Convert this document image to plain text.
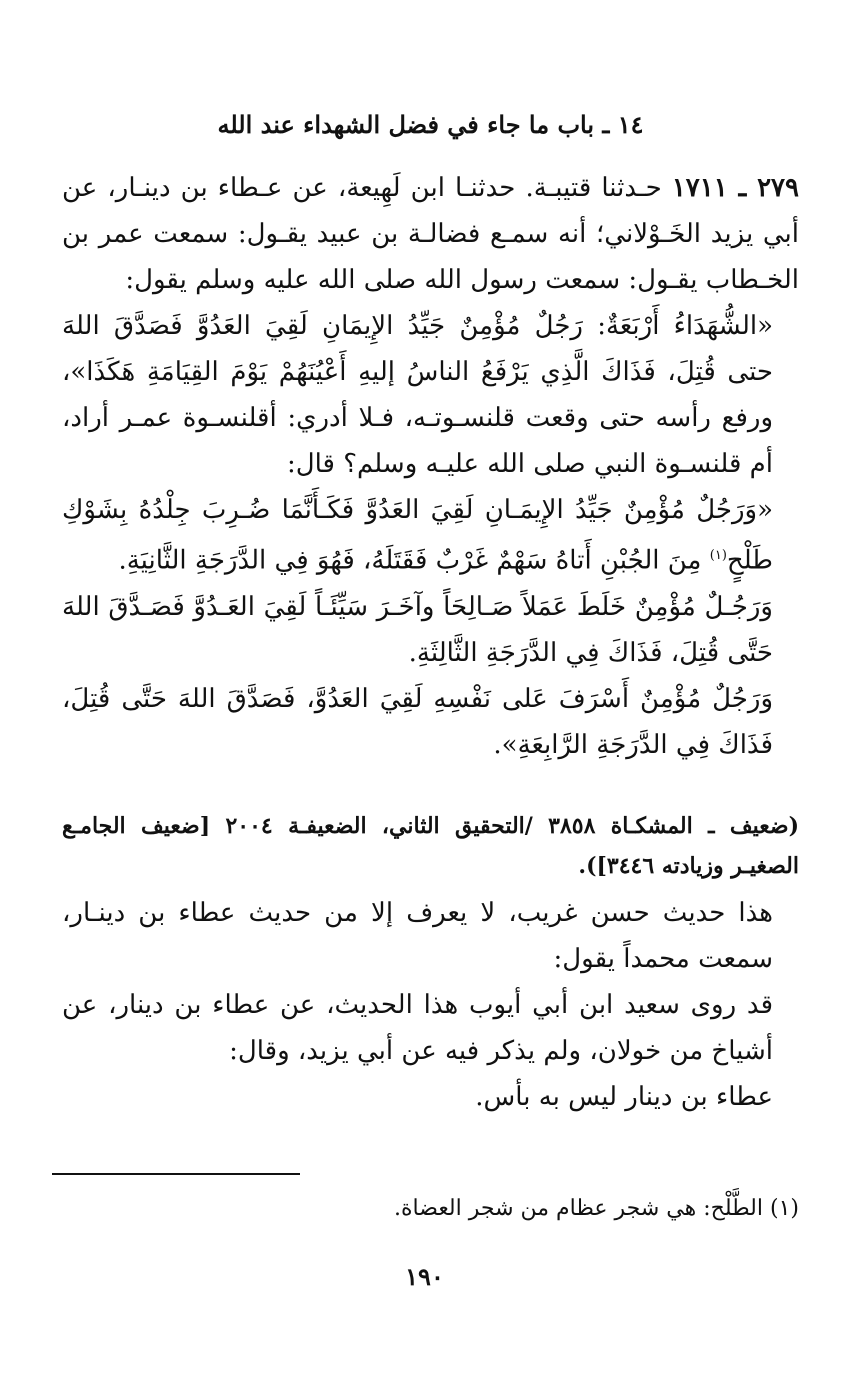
١٤ ـ باب ما جاء في فضل الشهداء عند الله

٢٧٩ ـ ١٧١١ حـدثنا قتيبـة. حدثنـا ابن لَهِيعة، عن عـطاء بن دينـار، عن أبي يزيد الخَـوْلاني؛ أنه سمـع فضالـة بن عبيد يقـول: سمعت عمر بن الخـطاب يقـول: سمعت رسول الله صلى الله عليه وسلم يقول:

«الشُّهَدَاءُ أَرْبَعَةٌ: رَجُلٌ مُؤْمِنٌ جَيِّدُ الإِيمَانِ لَقِيَ العَدُوَّ فَصَدَّقَ اللهَ حتى قُتِلَ، فَذَاكَ الَّذِي يَرْفَعُ الناسُ إليهِ أَعْيُنَهُمْ يَوْمَ القِيَامَةِ هَكَذَا»، ورفع رأسه حتى وقعت قلنسـوتـه، فـلا أدري: أقلنسـوة عمـر أراد، أم قلنسـوة النبي صلى الله عليـه وسلم؟ قال:

«وَرَجُلٌ مُؤْمِنٌ جَيِّدُ الإِيمَـانِ لَقِيَ العَدُوَّ فَكَـأَنَّمَا ضُـرِبَ جِلْدُهُ بِشَوْكِ طَلْحٍ$^{(١)}$ مِنَ الجُبْنِ أَتاهُ سَهْمٌ غَرْبٌ فَقَتَلَهُ، فَهُوَ فِي الدَّرَجَةِ الثَّانِيَةِ.

وَرَجُـلٌ مُؤْمِنٌ خَلَطَ عَمَلاً صَـالِحَاً وآخَـرَ سَيِّئَـاً لَقِيَ العَـدُوَّ فَصَـدَّقَ اللهَ حَتَّى قُتِلَ، فَذَاكَ فِي الدَّرَجَةِ الثَّالِثَةِ.

وَرَجُلٌ مُؤْمِنٌ أَسْرَفَ عَلى نَفْسِهِ لَقِيَ العَدُوَّ، فَصَدَّقَ اللهَ حَتَّى قُتِلَ، فَذَاكَ فِي الدَّرَجَةِ الرَّابِعَةِ».

(ضعيف ـ المشكـاة ٣٨٥٨ /التحقيق الثاني، الضعيفـة ٢٠٠٤ [ضعيف الجامـع الصغيـر وزيادته ٣٤٤٦]).

هذا حديث حسن غريب، لا يعرف إلا من حديث عطاء بن دينـار، سمعت محمداً يقول:

قد روى سعيد ابن أبي أيوب هذا الحديث، عن عطاء بن دينار، عن أشياخ من خولان، ولم يذكر فيه عن أبي يزيد، وقال:

عطاء بن دينار ليس به بأس.

(١) الطَّلْح: هي شجر عظام من شجر العضاة.

١٩٠
